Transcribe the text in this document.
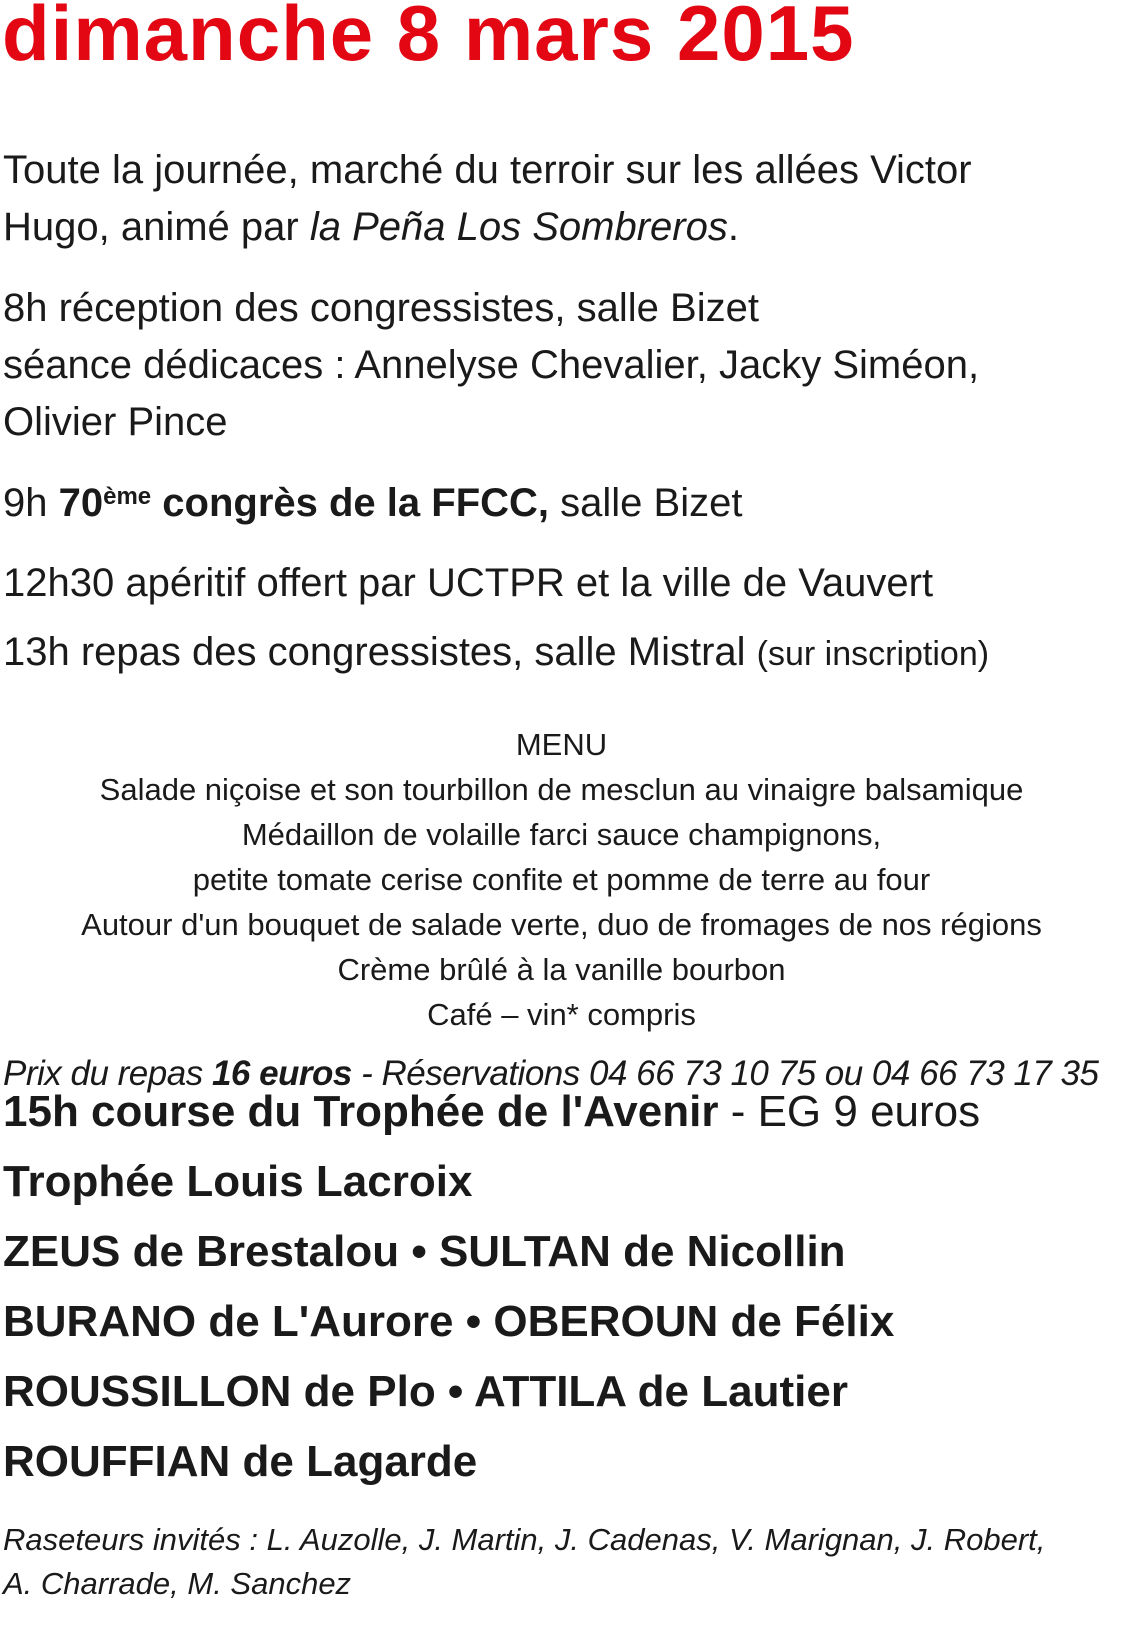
dimanche 8 mars 2015
Toute la journée, marché du terroir sur les allées Victor
Hugo, animé par la Peña Los Sombreros.
8h réception des congressistes, salle Bizet
séance dédicaces : Annelyse Chevalier, Jacky Siméon,
Olivier Pince
9h 70ème congrès de la FFCC, salle Bizet
12h30 apéritif offert par UCTPR et la ville de Vauvert
13h repas des congressistes, salle Mistral (sur inscription)
MENU
Salade niçoise et son tourbillon de mesclun au vinaigre balsamique
Médaillon de volaille farci sauce champignons,
petite tomate cerise confite et pomme de terre au four
Autour d'un bouquet de salade verte, duo de fromages de nos régions
Crème brûlé à la vanille bourbon
Café – vin* compris
Prix du repas 16 euros - Réservations 04 66 73 10 75 ou 04 66 73 17 35
15h course du Trophée de l'Avenir - EG 9 euros
Trophée Louis Lacroix
ZEUS de Brestalou • SULTAN de Nicollin
BURANO de L'Aurore • OBEROUN de Félix
ROUSSILLON de Plo • ATTILA de Lautier
ROUFFIAN de Lagarde
Raseteurs invités : L. Auzolle, J. Martin, J. Cadenas, V. Marignan, J. Robert,
A. Charrade, M. Sanchez
